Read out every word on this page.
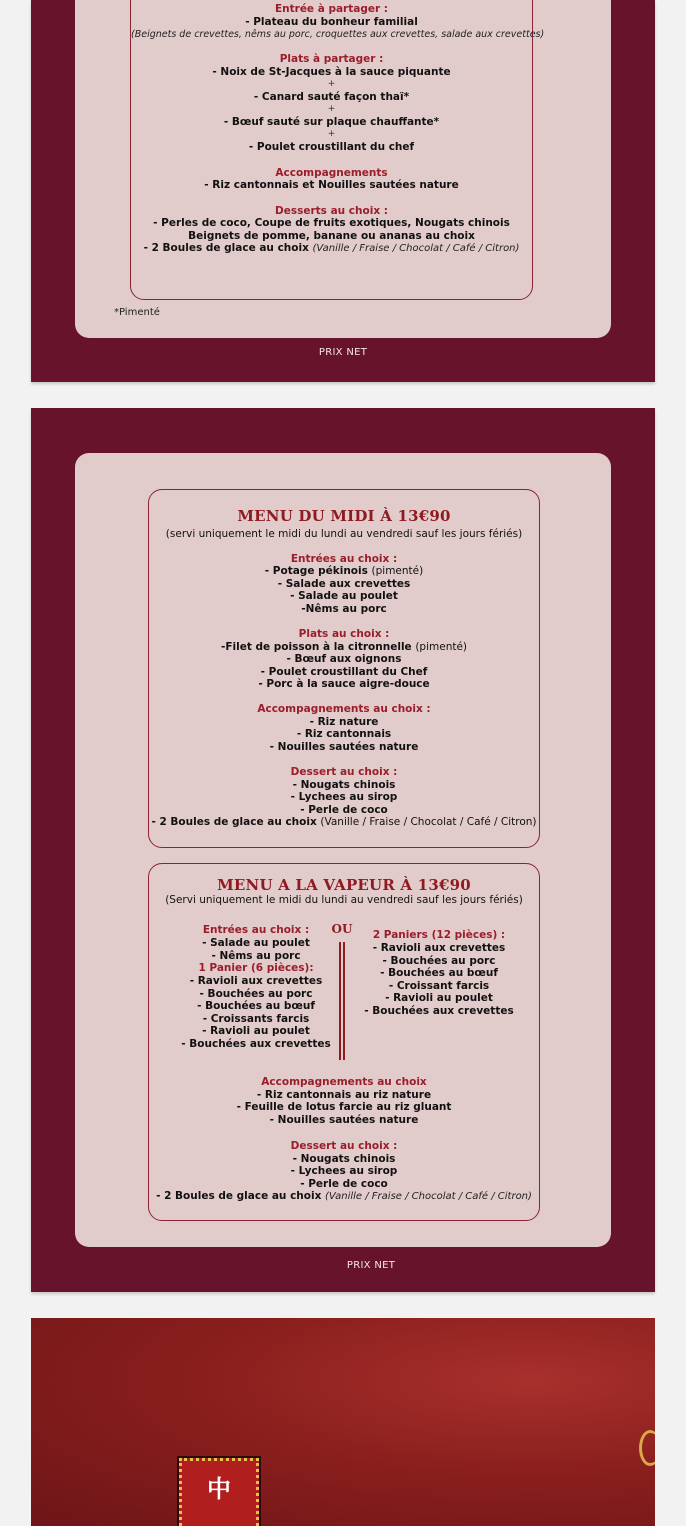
Entrée à partager :
- Plateau du bonheur familial
(Beignets de crevettes, nêms au porc, croquettes aux crevettes, salade aux crevettes)
Plats à partager :
- Noix de St-Jacques à la sauce piquante
+
- Canard sauté façon thaï*
+
- Bœuf sauté sur plaque chauffante*
+
- Poulet croustillant du chef
Accompagnements
- Riz cantonnais et Nouilles sautées nature
Desserts au choix :
- Perles de coco, Coupe de fruits exotiques, Nougats chinois
Beignets de pomme, banane ou ananas au choix
- 2 Boules de glace au choix (Vanille / Fraise / Chocolat / Café / Citron)
*Pimenté
PRIX NET
MENU DU MIDI À 13€90
(servi uniquement le midi du lundi au vendredi sauf les jours fériés)
Entrées au choix :
- Potage pékinois (pimenté)
- Salade aux crevettes
- Salade au poulet
-Nêms au porc
Plats au choix :
-Filet de poisson à la citronnelle (pimenté)
- Bœuf aux oignons
- Poulet croustillant du Chef
- Porc à la sauce aigre-douce
Accompagnements au choix :
- Riz nature
- Riz cantonnais
- Nouilles sautées nature
Dessert au choix :
- Nougats chinois
- Lychees au sirop
- Perle de coco
- 2 Boules de glace au choix (Vanille / Fraise / Chocolat / Café / Citron)
MENU A LA VAPEUR À 13€90
(Servi uniquement le midi du lundi au vendredi sauf les jours fériés)
Entrées au choix :
- Salade au poulet
- Nêms au porc
1 Panier (6 pièces):
- Ravioli aux crevettes
- Bouchées au porc
- Bouchées au bœuf
- Croissants farcis
- Ravioli au poulet
- Bouchées aux crevettes
OU	2 Paniers (12 pièces) :
- Ravioli aux crevettes
- Bouchées au porc
- Bouchées au bœuf
- Croissant farcis
- Ravioli au poulet
- Bouchées aux crevettes
Accompagnements au choix
- Riz cantonnais au riz nature
- Feuille de lotus farcie au riz gluant
- Nouilles sautées nature
Dessert au choix :
- Nougats chinois
- Lychees au sirop
- Perle de coco
- 2 Boules de glace au choix (Vanille / Fraise / Chocolat / Café / Citron)
PRIX NET
中
